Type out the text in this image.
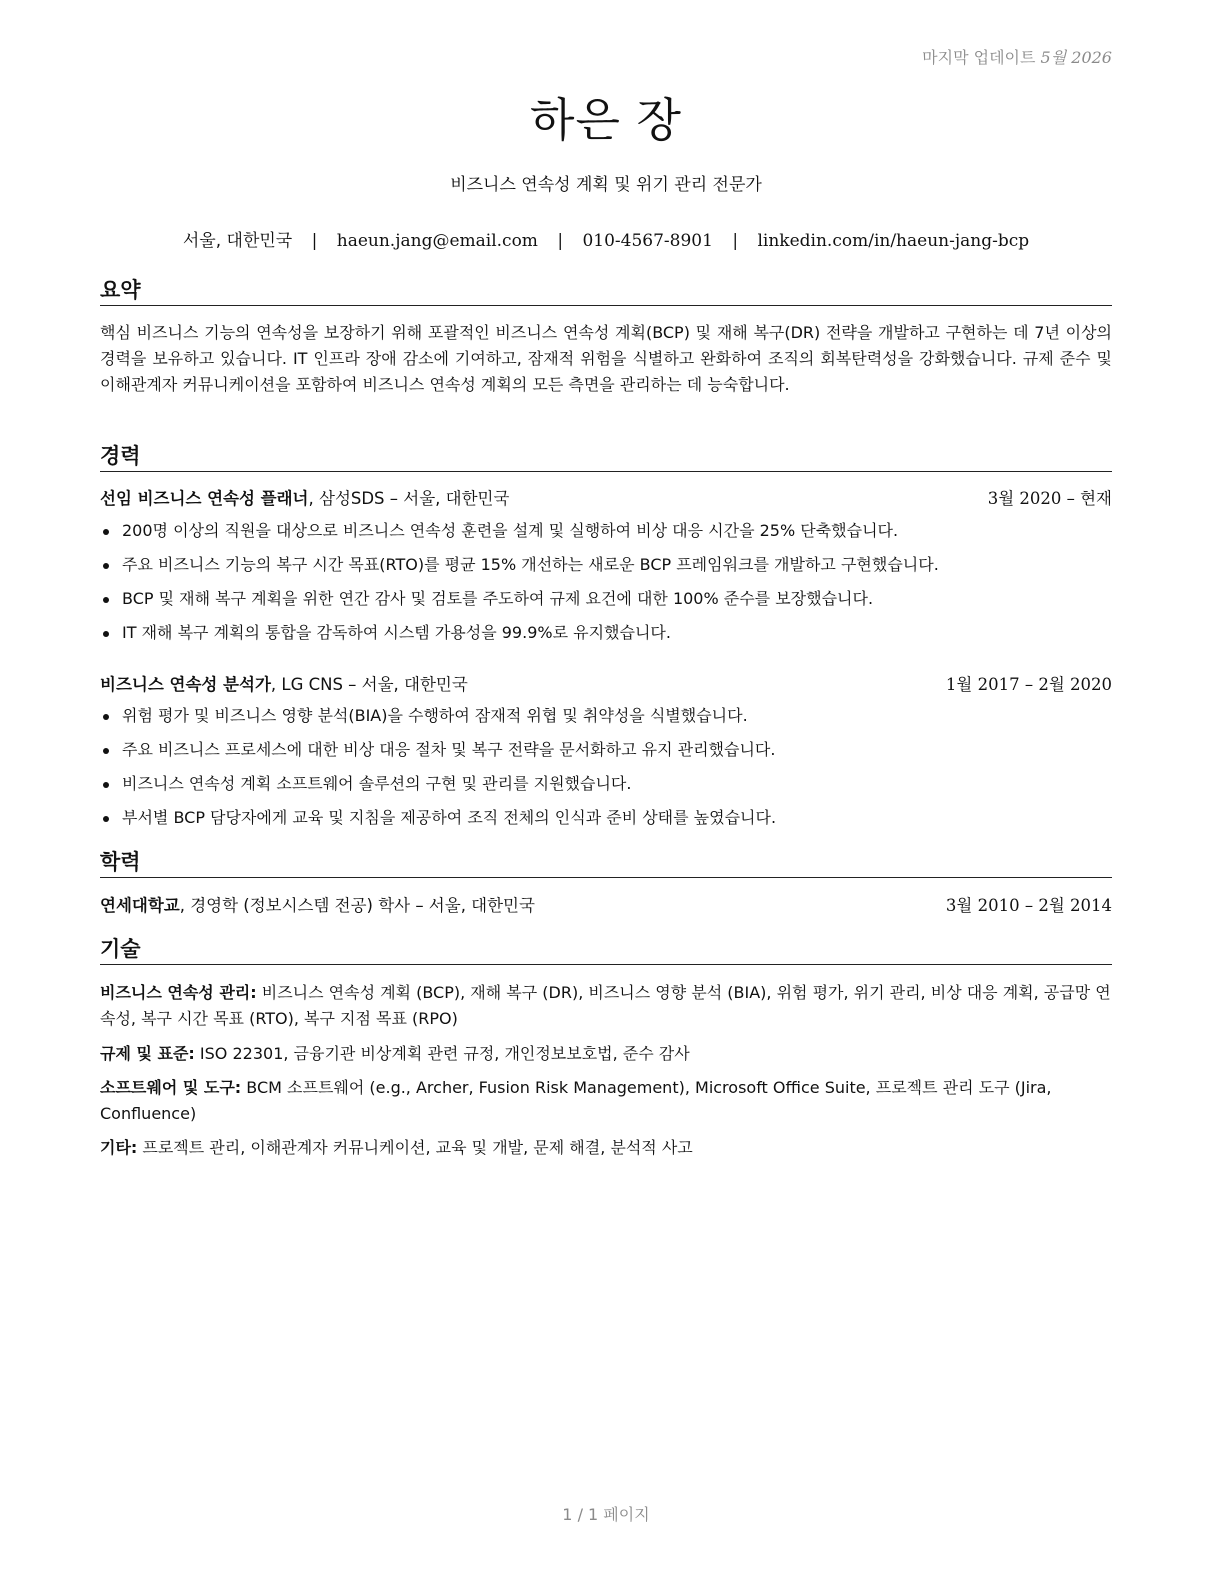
마지막 업데이트 5월 2026
하은 장
비즈니스 연속성 계획 및 위기 관리 전문가
서울, 대한민국 | haeun.jang@email.com | 010-4567-8901 | linkedin.com/in/haeun-jang-bcp
요약
핵심 비즈니스 기능의 연속성을 보장하기 위해 포괄적인 비즈니스 연속성 계획(BCP) 및 재해 복구(DR) 전략을 개발하고 구현하는 데 7년 이상의 경력을 보유하고 있습니다. IT 인프라 장애 감소에 기여하고, 잠재적 위험을 식별하고 완화하여 조직의 회복탄력성을 강화했습니다. 규제 준수 및 이해관계자 커뮤니케이션을 포함하여 비즈니스 연속성 계획의 모든 측면을 관리하는 데 능숙합니다.
경력
선임 비즈니스 연속성 플래너, 삼성SDS – 서울, 대한민국	3월 2020 – 현재
200명 이상의 직원을 대상으로 비즈니스 연속성 훈련을 설계 및 실행하여 비상 대응 시간을 25% 단축했습니다.
주요 비즈니스 기능의 복구 시간 목표(RTO)를 평균 15% 개선하는 새로운 BCP 프레임워크를 개발하고 구현했습니다.
BCP 및 재해 복구 계획을 위한 연간 감사 및 검토를 주도하여 규제 요건에 대한 100% 준수를 보장했습니다.
IT 재해 복구 계획의 통합을 감독하여 시스템 가용성을 99.9%로 유지했습니다.
비즈니스 연속성 분석가, LG CNS – 서울, 대한민국	1월 2017 – 2월 2020
위험 평가 및 비즈니스 영향 분석(BIA)을 수행하여 잠재적 위협 및 취약성을 식별했습니다.
주요 비즈니스 프로세스에 대한 비상 대응 절차 및 복구 전략을 문서화하고 유지 관리했습니다.
비즈니스 연속성 계획 소프트웨어 솔루션의 구현 및 관리를 지원했습니다.
부서별 BCP 담당자에게 교육 및 지침을 제공하여 조직 전체의 인식과 준비 상태를 높였습니다.
학력
연세대학교, 경영학 (정보시스템 전공) 학사 – 서울, 대한민국	3월 2010 – 2월 2014
기술
비즈니스 연속성 관리: 비즈니스 연속성 계획 (BCP), 재해 복구 (DR), 비즈니스 영향 분석 (BIA), 위험 평가, 위기 관리, 비상 대응 계획, 공급망 연속성, 복구 시간 목표 (RTO), 복구 지점 목표 (RPO)
규제 및 표준: ISO 22301, 금융기관 비상계획 관련 규정, 개인정보보호법, 준수 감사
소프트웨어 및 도구: BCM 소프트웨어 (e.g., Archer, Fusion Risk Management), Microsoft Office Suite, 프로젝트 관리 도구 (Jira, Confluence)
기타: 프로젝트 관리, 이해관계자 커뮤니케이션, 교육 및 개발, 문제 해결, 분석적 사고
1 / 1 페이지
